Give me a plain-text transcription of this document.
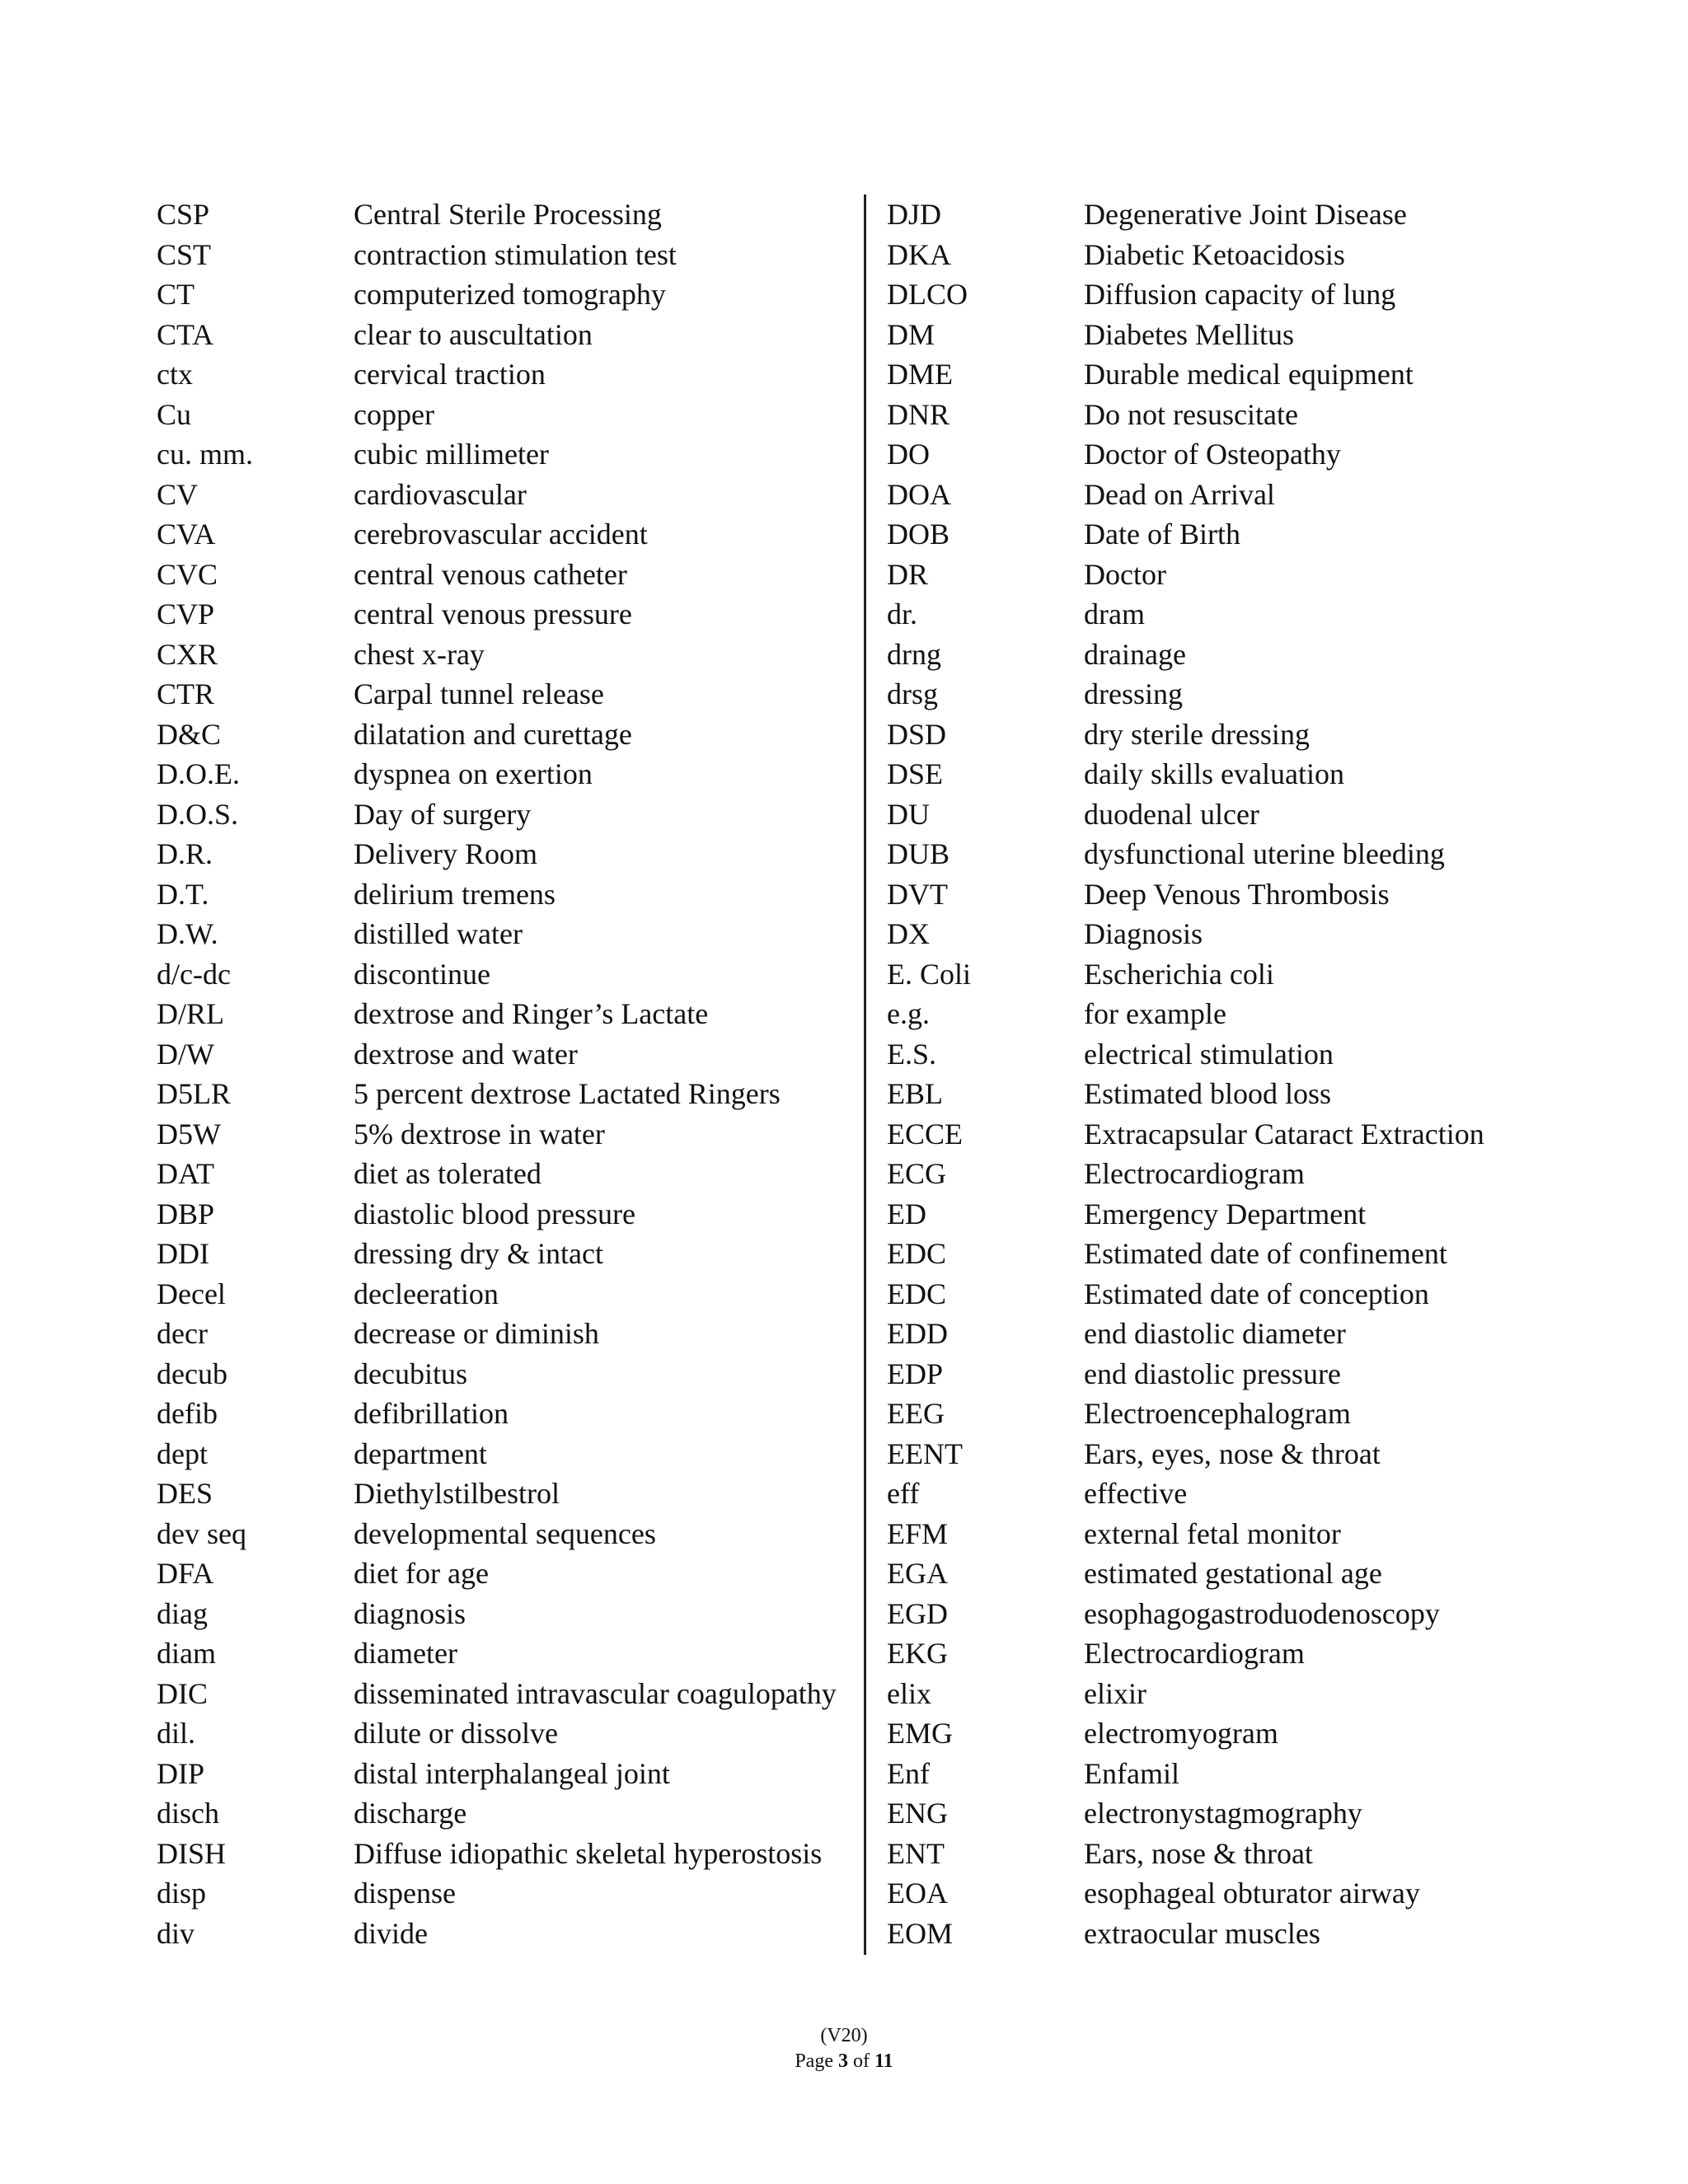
CSP	Central Sterile Processing
CST	contraction stimulation test
CT	computerized tomography
CTA	clear to auscultation
ctx	cervical traction
Cu	copper
cu. mm.	cubic millimeter
CV	cardiovascular
CVA	cerebrovascular accident
CVC	central venous catheter
CVP	central venous pressure
CXR	chest x-ray
CTR	Carpal tunnel release
D&C	dilatation and curettage
D.O.E.	dyspnea on exertion
D.O.S.	Day of surgery
D.R.	Delivery Room
D.T.	delirium tremens
D.W.	distilled water
d/c-dc	discontinue
D/RL	dextrose and Ringer’s Lactate
D/W	dextrose and water
D5LR	5 percent dextrose Lactated Ringers
D5W	5% dextrose in water
DAT	diet as tolerated
DBP	diastolic blood pressure
DDI	dressing dry & intact
Decel	decleeration
decr	decrease or diminish
decub	decubitus
defib	defibrillation
dept	department
DES	Diethylstilbestrol
dev seq	developmental sequences
DFA	diet for age
diag	diagnosis
diam	diameter
DIC	disseminated intravascular coagulopathy
dil.	dilute or dissolve
DIP	distal interphalangeal joint
disch	discharge
DISH	Diffuse idiopathic skeletal hyperostosis
disp	dispense
div	divide
DJD	Degenerative Joint Disease
DKA	Diabetic Ketoacidosis
DLCO	Diffusion capacity of lung
DM	Diabetes Mellitus
DME	Durable medical equipment
DNR	Do not resuscitate
DO	Doctor of Osteopathy
DOA	Dead on Arrival
DOB	Date of Birth
DR	Doctor
dr.	dram
drng	drainage
drsg	dressing
DSD	dry sterile dressing
DSE	daily skills evaluation
DU	duodenal ulcer
DUB	dysfunctional uterine bleeding
DVT	Deep Venous Thrombosis
DX	Diagnosis
E. Coli	Escherichia coli
e.g.	for example
E.S.	electrical stimulation
EBL	Estimated blood loss
ECCE	Extracapsular Cataract Extraction
ECG	Electrocardiogram
ED	Emergency Department
EDC	Estimated date of confinement
EDC	Estimated date of conception
EDD	end diastolic diameter
EDP	end diastolic pressure
EEG	Electroencephalogram
EENT	Ears, eyes, nose & throat
eff	effective
EFM	external fetal monitor
EGA	estimated gestational age
EGD	esophagogastroduodenoscopy
EKG	Electrocardiogram
elix	elixir
EMG	electromyogram
Enf	Enfamil
ENG	electronystagmography
ENT	Ears, nose & throat
EOA	esophageal obturator airway
EOM	extraocular muscles
(V20)
Page 3 of 11
